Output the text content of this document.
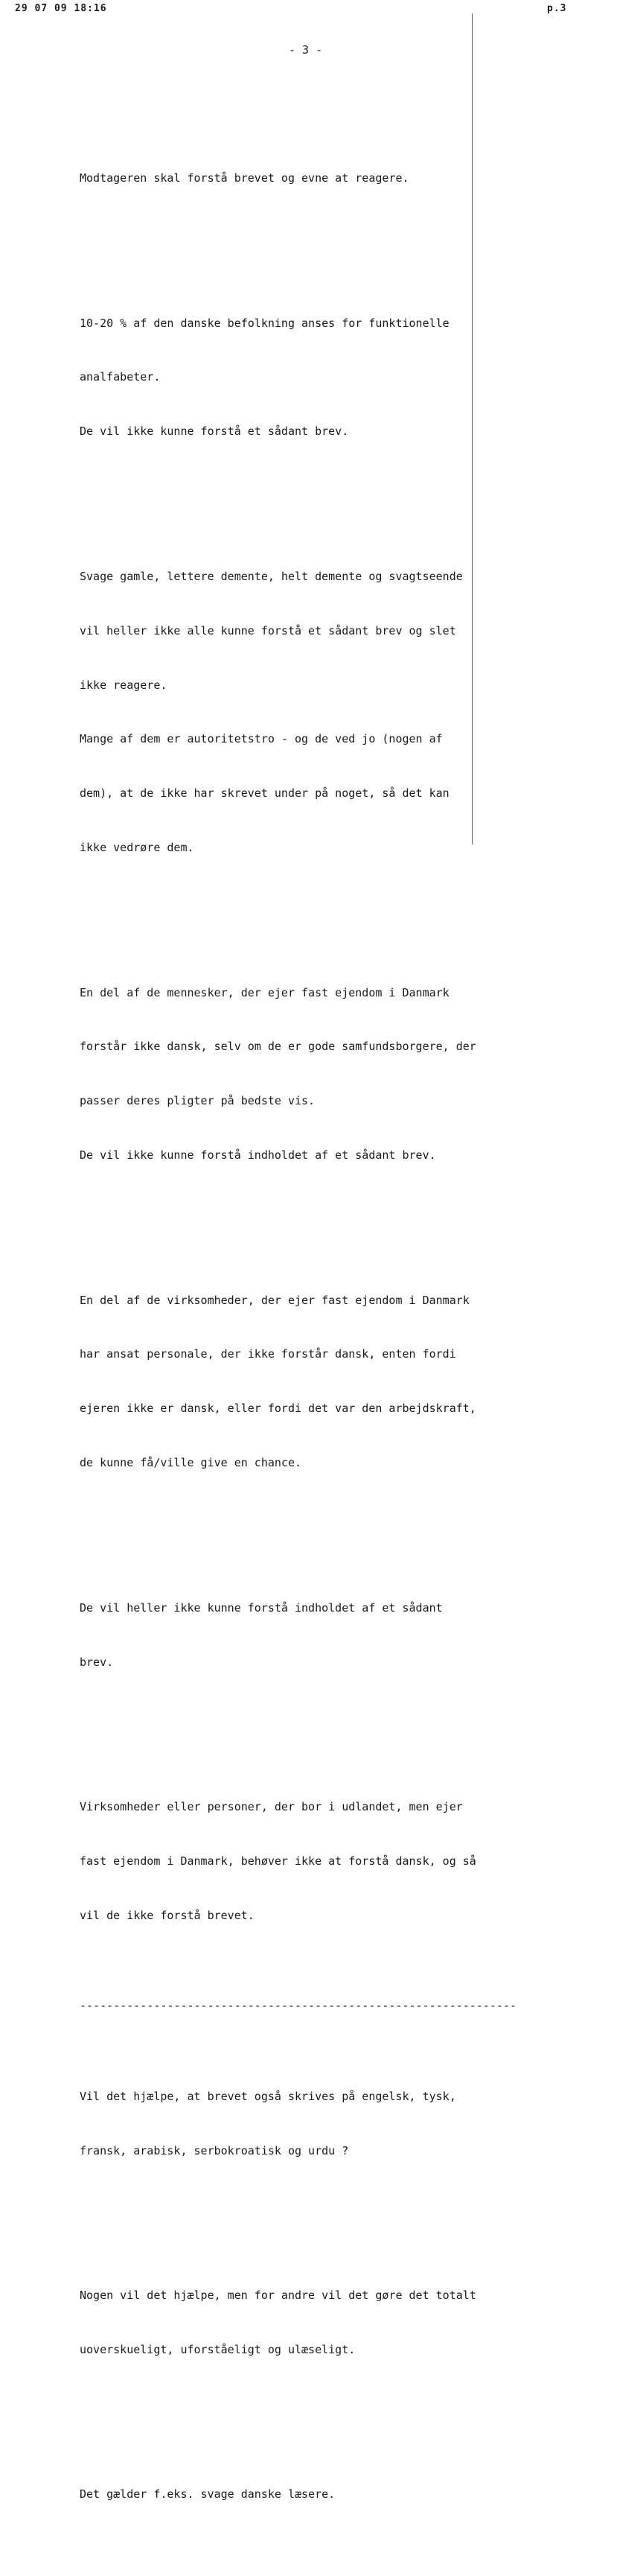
29 07 09 18:16	p.3
- 3 -

Modtageren skal forstå brevet og evne at reagere.

10-20 % af den danske befolkning anses for funktionelle

analfabeter.

De vil ikke kunne forstå et sådant brev.

Svage gamle, lettere demente, helt demente og svagtseende

vil heller ikke alle kunne forstå et sådant brev og slet

ikke reagere.

Mange af dem er autoritetstro - og de ved jo (nogen af

dem), at de ikke har skrevet under på noget, så det kan

ikke vedrøre dem.

En del af de mennesker, der ejer fast ejendom i Danmark

forstår ikke dansk, selv om de er gode samfundsborgere, der

passer deres pligter på bedste vis.

De vil ikke kunne forstå indholdet af et sådant brev.

En del af de virksomheder, der ejer fast ejendom i Danmark

har ansat personale, der ikke forstår dansk, enten fordi

ejeren ikke er dansk, eller fordi det var den arbejdskraft,

de kunne få/ville give en chance.

De vil heller ikke kunne forstå indholdet af et sådant

brev.

Virksomheder eller personer, der bor i udlandet, men ejer

fast ejendom i Danmark, behøver ikke at forstå dansk, og så

vil de ikke forstå brevet.

-----------------------------------------------------------------

Vil det hjælpe, at brevet også skrives på engelsk, tysk,

fransk, arabisk, serbokroatisk og urdu ?

Nogen vil det hjælpe, men for andre vil det gøre det totalt

uoverskueligt, uforståeligt og ulæseligt.

Det gælder f.eks. svage danske læsere.
